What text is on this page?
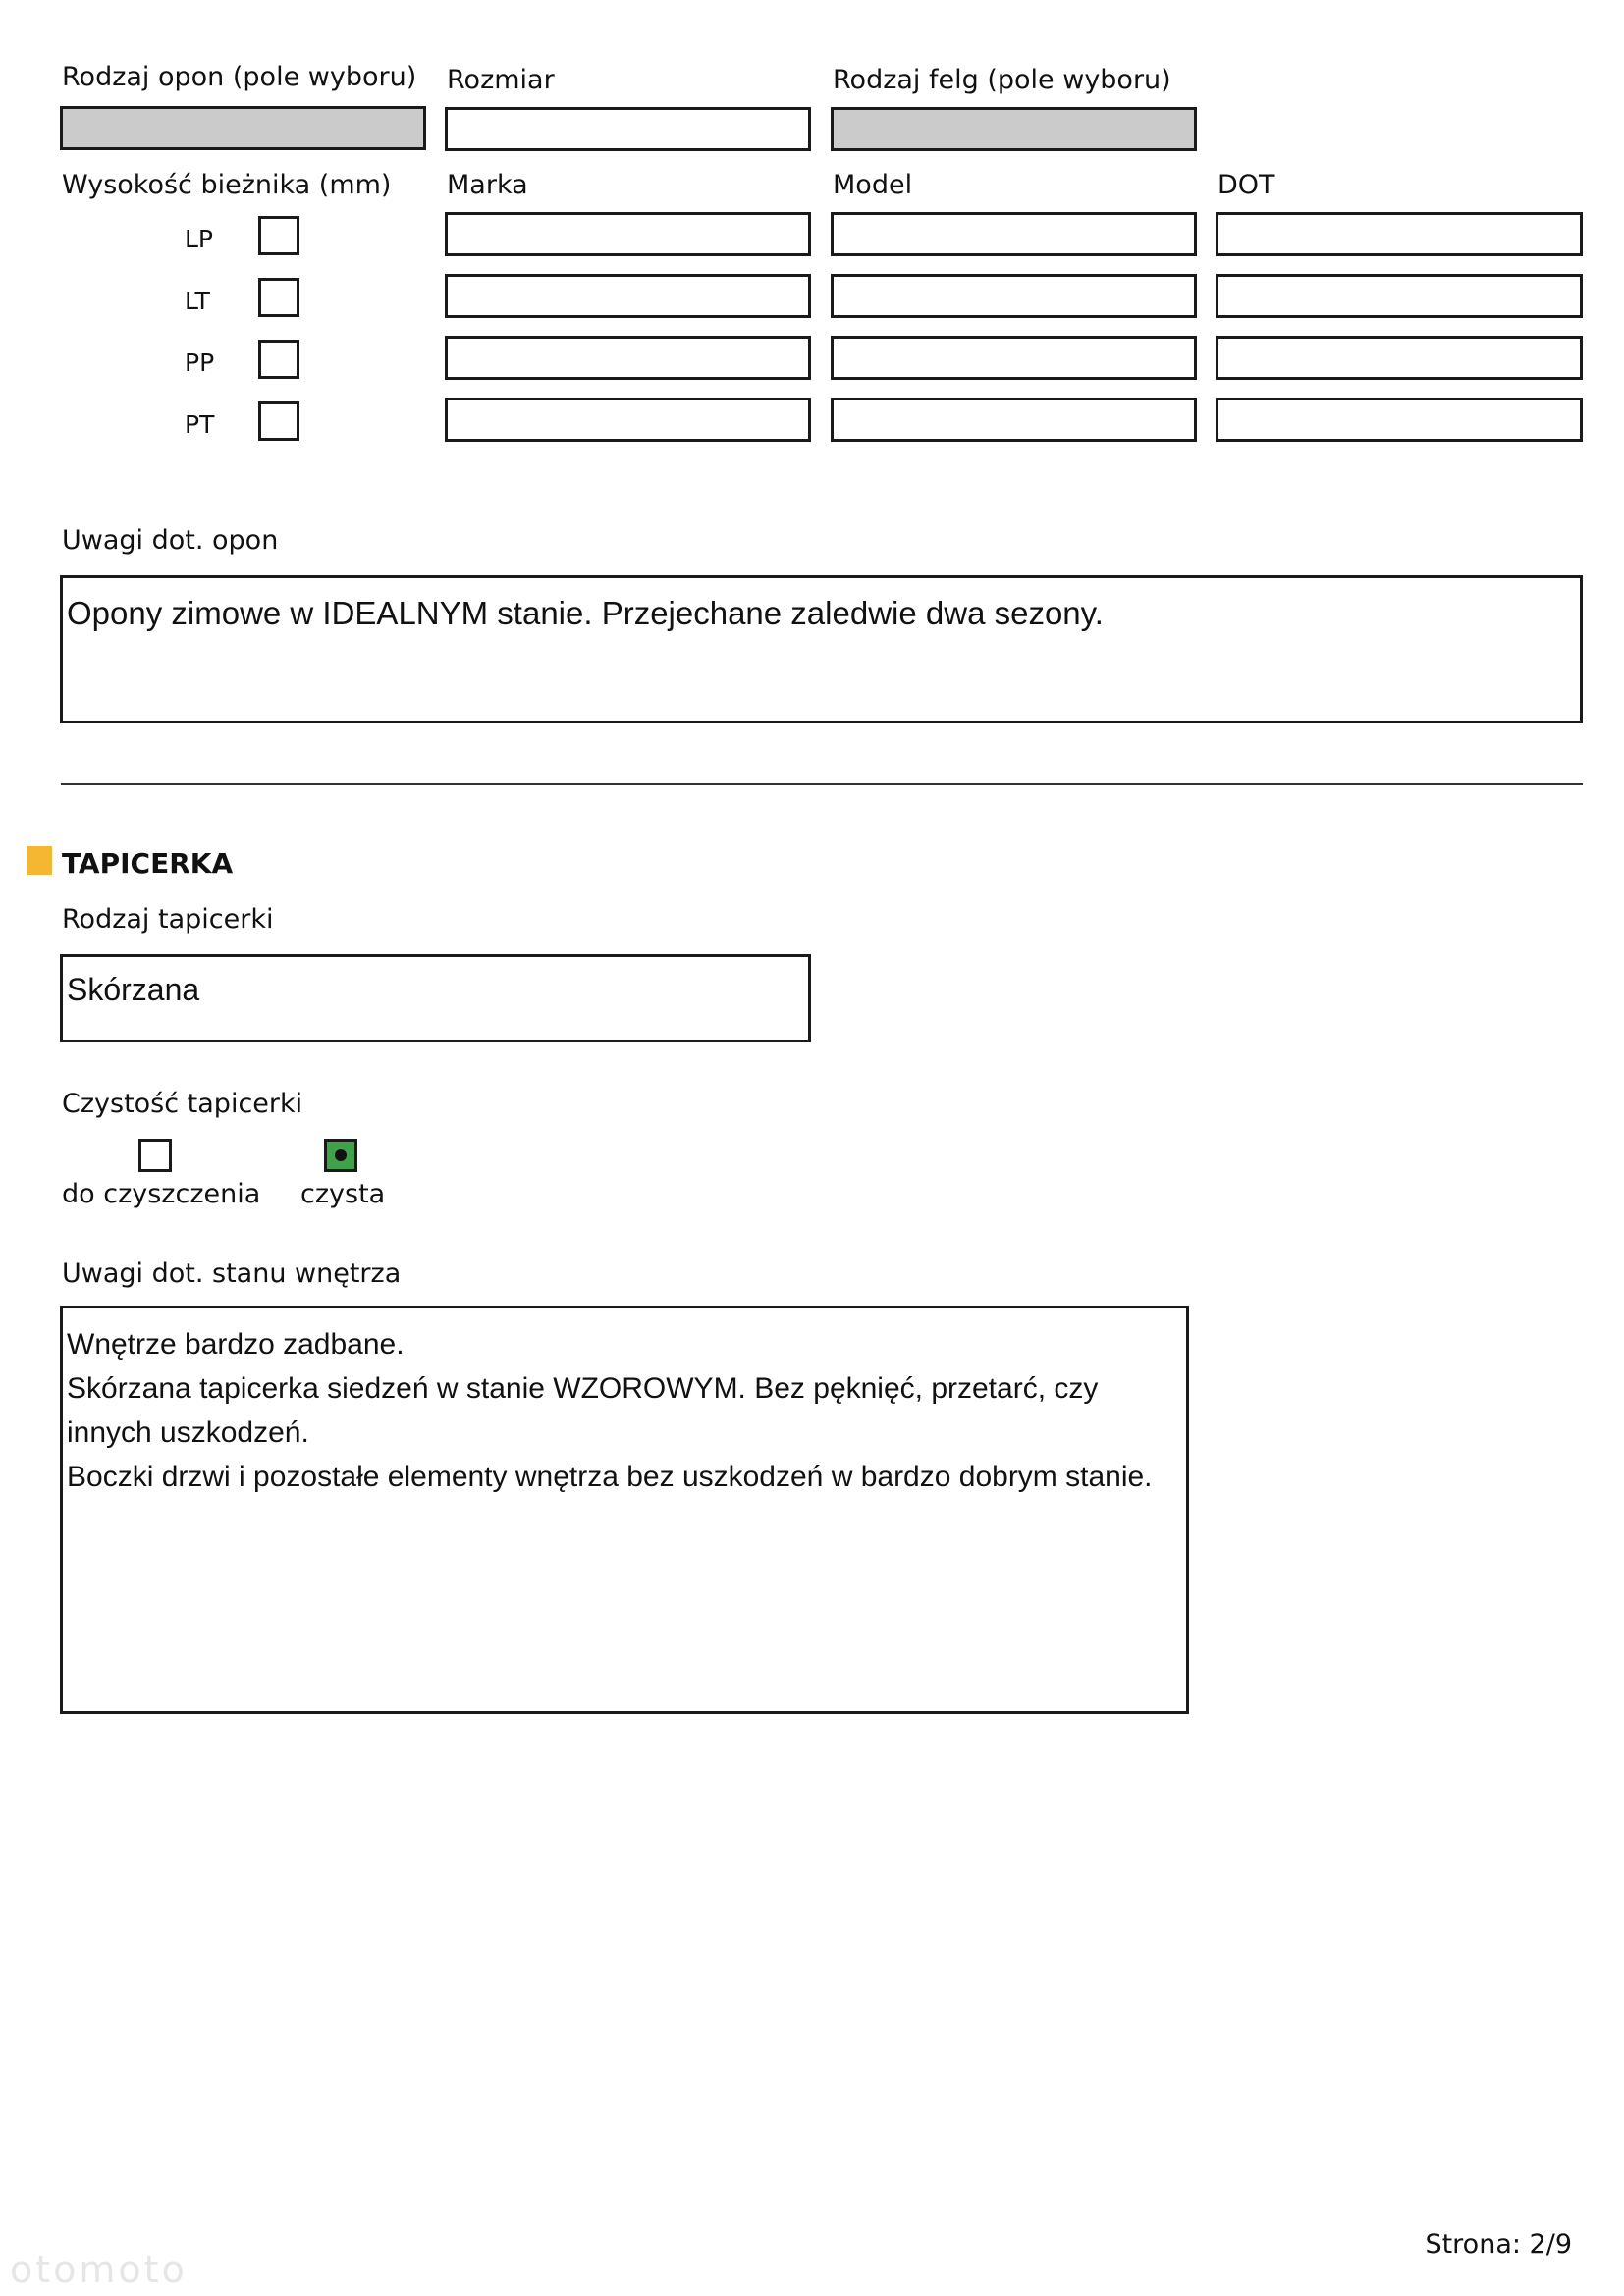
Rodzaj opon (pole wyboru) Rozmiar	Rodzaj felg (pole wyboru)
Wysokość bieżnika (mm) Marka	Model	DOT
LP
LT
PP
PT
Uwagi dot. opon
Opony zimowe w IDEALNYM stanie. Przejechane zaledwie dwa sezony.
TAPICERKA
Rodzaj tapicerki
Skórzana
Czystość tapicerki
do czyszczenia czysta
Uwagi dot. stanu wnętrza
Wnętrze bardzo zadbane.
Skórzana tapicerka siedzeń w stanie WZOROWYM. Bez pęknięć, przetarć, czy
innych uszkodzeń.
Boczki drzwi i pozostałe elementy wnętrza bez uszkodzeń w bardzo dobrym stanie.
Strona: 2/9
otomoto
